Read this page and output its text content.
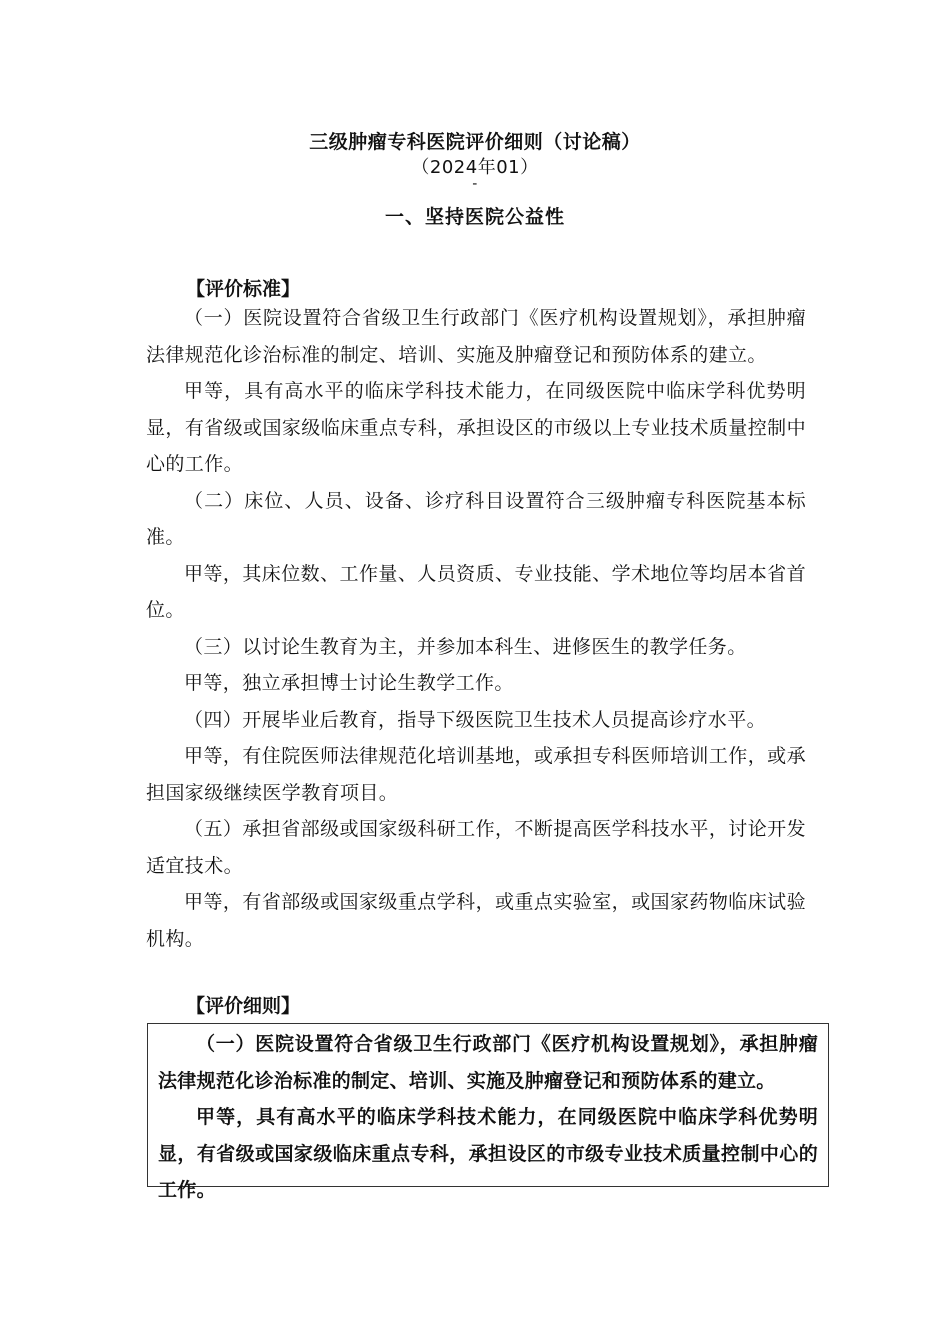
三级肿瘤专科医院评价细则（讨论稿）
（2024年01）
-
一、坚持医院公益性
【评价标准】

（一）医院设置符合省级卫生行政部门《医疗机构设置规划》，承担肿瘤法律规范化诊治标准的制定、培训、实施及肿瘤登记和预防体系的建立。

甲等，具有高水平的临床学科技术能力，在同级医院中临床学科优势明显，有省级或国家级临床重点专科，承担设区的市级以上专业技术质量控制中心的工作。

（二）床位、人员、设备、诊疗科目设置符合三级肿瘤专科医院基本标准。

甲等，其床位数、工作量、人员资质、专业技能、学术地位等均居本省首位。

（三）以讨论生教育为主，并参加本科生、进修医生的教学任务。

甲等，独立承担博士讨论生教学工作。

（四）开展毕业后教育，指导下级医院卫生技术人员提高诊疗水平。

甲等，有住院医师法律规范化培训基地，或承担专科医师培训工作，或承担国家级继续医学教育项目。

（五）承担省部级或国家级科研工作，不断提高医学科技水平，讨论开发适宜技术。

甲等，有省部级或国家级重点学科，或重点实验室，或国家药物临床试验机构。

【评价细则】

（一）医院设置符合省级卫生行政部门《医疗机构设置规划》，承担肿瘤法律规范化诊治标准的制定、培训、实施及肿瘤登记和预防体系的建立。

甲等，具有高水平的临床学科技术能力，在同级医院中临床学科优势明显，有省级或国家级临床重点专科，承担设区的市级专业技术质量控制中心的工作。
